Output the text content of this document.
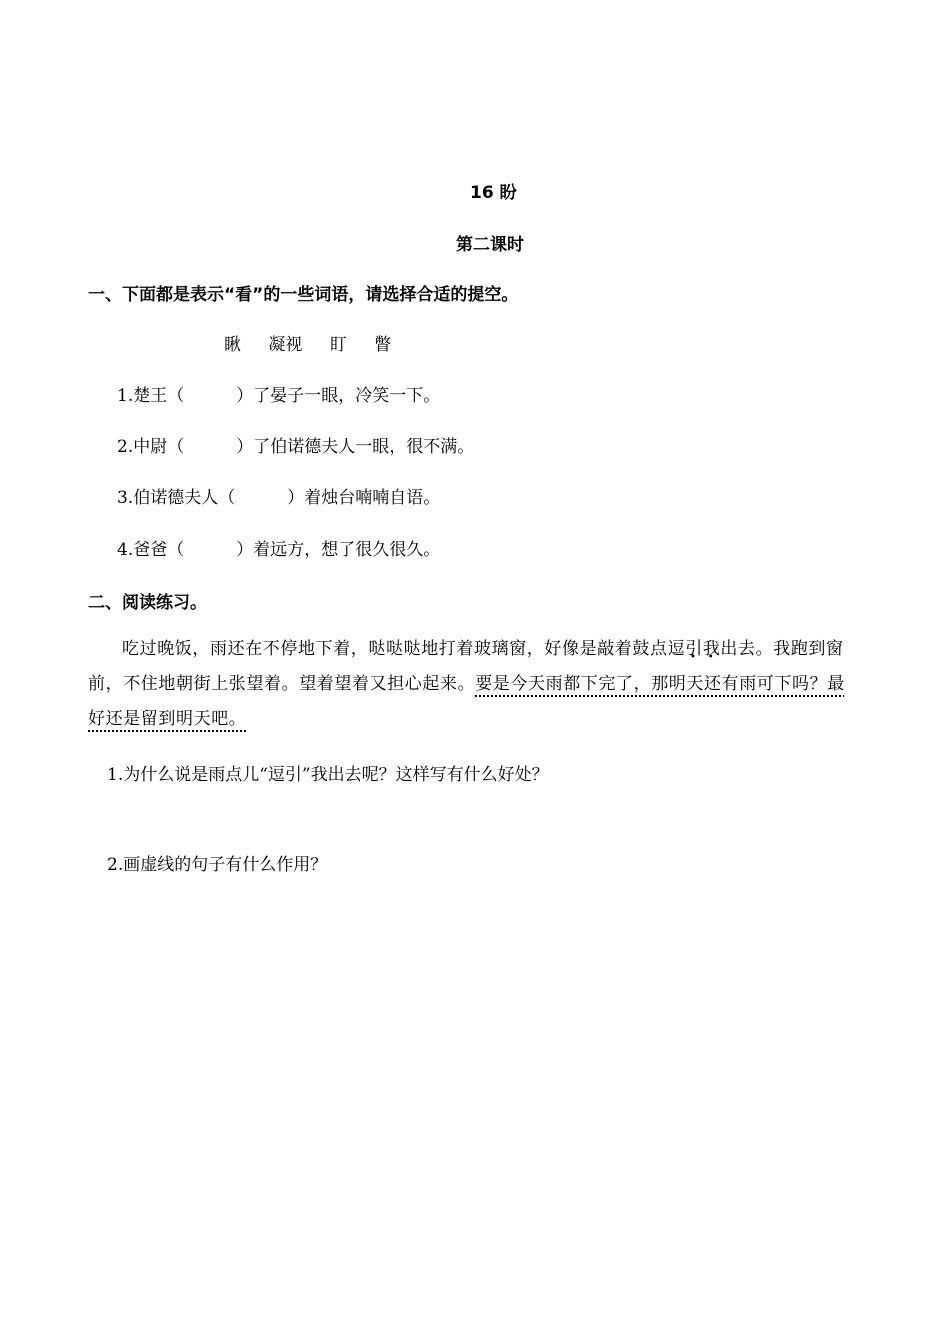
16 盼
第二课时
一、下面都是表示“看”的一些词语，请选择合适的提空。
瞅 凝视 盯 瞥
1.楚王（	）了晏子一眼，冷笑一下。
2.中尉（	）了伯诺德夫人一眼，很不满。
3.伯诺德夫人（	）着烛台喃喃自语。
4.爸爸（	）着远方，想了很久很久。
二、阅读练习。
吃过晚饭，雨还在不停地下着，哒哒哒地打着玻璃窗，好像是敲着鼓点逗引我出去。我跑到窗前，不住地朝街上张望着。望着望着又担心起来。要是今天雨都下完了，那明天还有雨可下吗？最好还是留到明天吧。
1.为什么说是雨点儿“逗引”我出去呢？这样写有什么好处？
2.画虚线的句子有什么作用？
